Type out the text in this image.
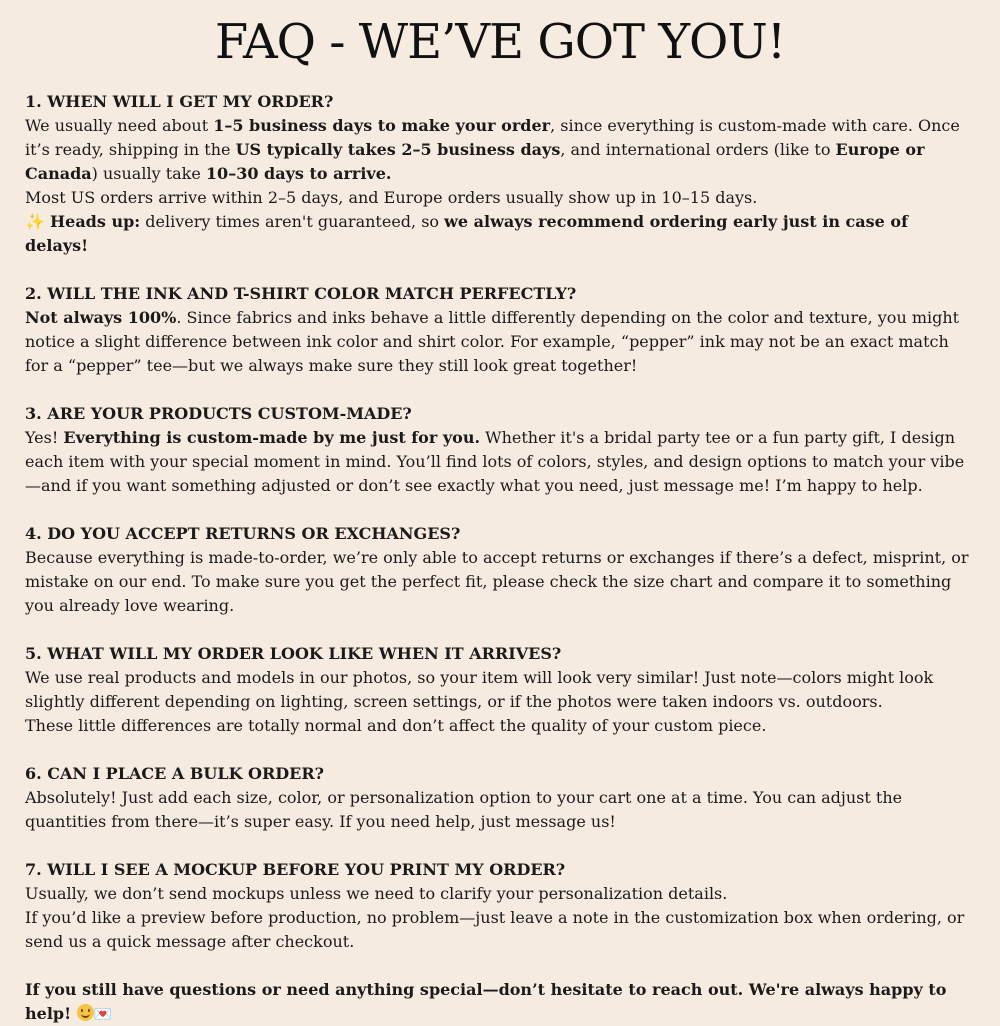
FAQ - WE’VE GOT YOU!

1. WHEN WILL I GET MY ORDER?

We usually need about 1–5 business days to make your order, since everything is custom-made with care. Once it’s ready, shipping in the US typically takes 2–5 business days, and international orders (like to Europe or Canada) usually take 10–30 days to arrive.

Most US orders arrive within 2–5 days, and Europe orders usually show up in 10–15 days.

✨ Heads up: delivery times aren't guaranteed, so we always recommend ordering early just in case of delays!

2. WILL THE INK AND T-SHIRT COLOR MATCH PERFECTLY?

Not always 100%. Since fabrics and inks behave a little differently depending on the color and texture, you might notice a slight difference between ink color and shirt color. For example, “pepper” ink may not be an exact match for a “pepper” tee—but we always make sure they still look great together!

3. ARE YOUR PRODUCTS CUSTOM-MADE?

Yes! Everything is custom-made by me just for you. Whether it's a bridal party tee or a fun party gift, I design each item with your special moment in mind. You’ll find lots of colors, styles, and design options to match your vibe—and if you want something adjusted or don’t see exactly what you need, just message me! I’m happy to help.

4. DO YOU ACCEPT RETURNS OR EXCHANGES?

Because everything is made-to-order, we’re only able to accept returns or exchanges if there’s a defect, misprint, or mistake on our end. To make sure you get the perfect fit, please check the size chart and compare it to something you already love wearing.

5. WHAT WILL MY ORDER LOOK LIKE WHEN IT ARRIVES?

We use real products and models in our photos, so your item will look very similar! Just note—colors might look slightly different depending on lighting, screen settings, or if the photos were taken indoors vs. outdoors.

These little differences are totally normal and don’t affect the quality of your custom piece.

6. CAN I PLACE A BULK ORDER?

Absolutely! Just add each size, color, or personalization option to your cart one at a time. You can adjust the quantities from there—it’s super easy. If you need help, just message us!

7. WILL I SEE A MOCKUP BEFORE YOU PRINT MY ORDER?

Usually, we don’t send mockups unless we need to clarify your personalization details.

If you’d like a preview before production, no problem—just leave a note in the customization box when ordering, or send us a quick message after checkout.

If you still have questions or need anything special—don’t hesitate to reach out. We're always happy to help! 💌
